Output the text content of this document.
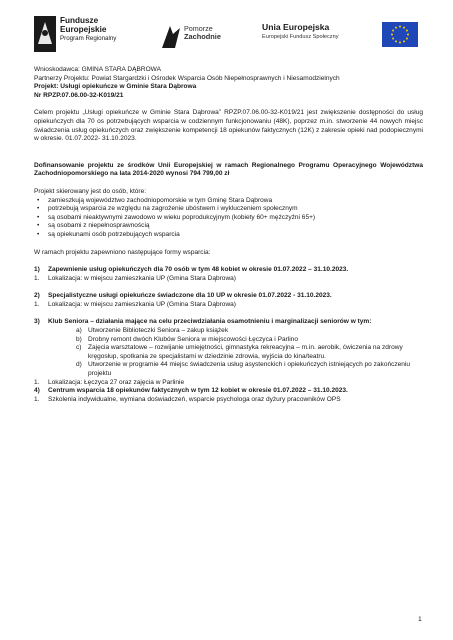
Fundusze
Europejskie
Program Regionalny
Pomorze
Zachodnie
Unia Europejska
Europejski Fundusz Społeczny

Wnioskodawca: GMINA STARA DĄBROWA

Partnerzy Projektu: Powiat Stargardzki i Ośrodek Wsparcia Osób Niepełnosprawnych i Niesamodzielnych

Projekt: Usługi opiekuńcze w Gminie Stara Dąbrowa

Nr RPZP.07.06.00-32-K019/21

Celem projektu „Usługi opiekuńcze w Gminie Stara Dąbrowa” RPZP.07.06.00-32-K019/21 jest zwiększenie dostępności do usług opiekuńczych dla 70 os potrzebujących wsparcia w codziennym funkcjonowaniu (48K), poprzez m.in. stworzenie 44 nowych miejsc świadczenia usług opiekuńczych oraz zwiększenie kompetencji 18 opiekunów faktycznych (12K) z zakresie opieki nad podopiecznymi w okresie. 01.07.2022- 31.10.2023.

Dofinansowanie projektu ze środków Unii Europejskiej w ramach Regionalnego Programu Operacyjnego Województwa Zachodniopomorskiego na lata 2014-2020 wynosi 794 799,00 zł

Projekt skierowany jest do osób, które:

• zamieszkują województwo zachodniopomorskie w tym Gminę Stara Dąbrowa
• potrzebują wsparcia ze względu na zagrożenie ubóstwem i wykluczeniem społecznym
• są osobami nieaktywnymi zawodowo w wieku poprodukcyjnym (kobiety 60+ mężczyźni 65+)
• są osobami z niepełnosprawnością
• są opiekunami osób potrzebujących wsparcia

W ramach projektu zapewniono następujące formy wsparcia:

1) Zapewnienie usług opiekuńczych dla 70 osób w tym 48 kobiet w okresie 01.07.2022 – 31.10.2023.
1. Lokalizacja: w miejscu zamieszkania UP (Gmina Stara Dąbrowa)
2) Specjalistyczne usługi opiekuńcze świadczone dla 10 UP w okresie 01.07.2022 - 31.10.2023.
1. Lokalizacja: w miejscu zamieszkania UP (Gmina Stara Dąbrowa)
3) Klub Seniora – działania mające na celu przeciwdziałania osamotnieniu i marginalizacji seniorów w tym:
a) Utworzenie Biblioteczki Seniora – zakup książek
b) Drobny remont dwóch Klubów Seniora w miejscowości Łęczyca i Parlino
c) Zajęcia warsztatowe – rozwijanie umiejętności, gimnastyka rekreacyjna – m.in. aerobik, ćwiczenia na zdrowy kręgosłup, spotkania ze specjalistami w dziedzinie zdrowia, wyjścia do kina/teatru.
d) Utworzenie w programie 44 miejsc świadczenia usług asystenckich i opiekuńczych istniejących po zakończeniu projektu
1. Lokalizacja: Łęczyca 27 oraz zajęcia w Parlinie
4) Centrum wsparcia 18 opiekunów faktycznych w tym 12 kobiet w okresie 01.07.2022 – 31.10.2023.
1. Szkolenia indywidualne, wymiana doświadczeń, wsparcie psychologa oraz dyżury pracowników OPS
1
